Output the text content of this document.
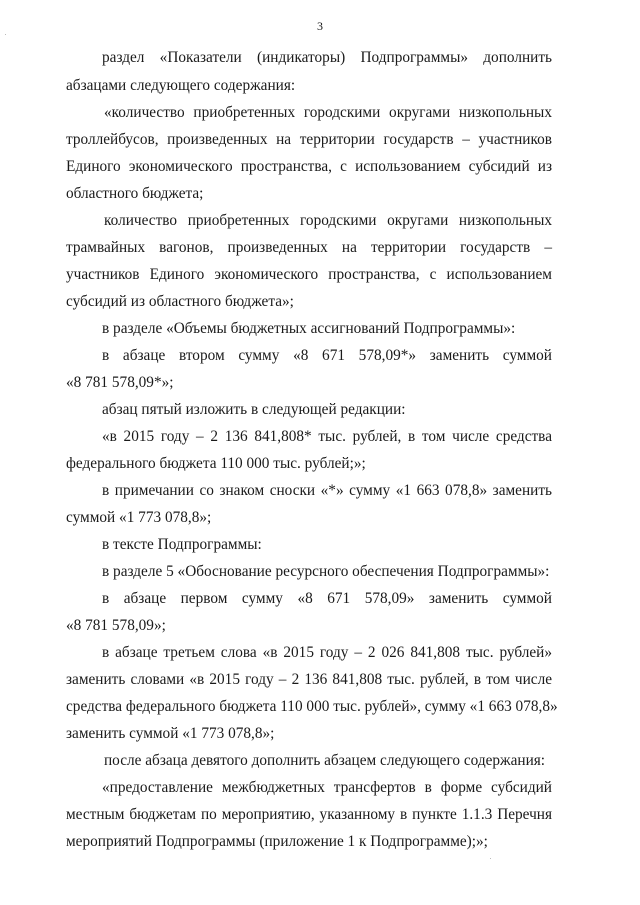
3
раздел «Показатели (индикаторы) Подпрограммы» дополнить
абзацами следующего содержания:
«количество приобретенных городскими округами низкопольных
троллейбусов, произведенных на территории государств – участников
Единого экономического пространства, с использованием субсидий из
областного бюджета;
количество приобретенных городскими округами низкопольных
трамвайных вагонов, произведенных на территории государств –
участников Единого экономического пространства, с использованием
субсидий из областного бюджета»;
в разделе «Объемы бюджетных ассигнований Подпрограммы»:
в абзаце втором сумму «8 671 578,09*» заменить суммой
«8 781 578,09*»;
абзац пятый изложить в следующей редакции:
«в 2015 году – 2 136 841,808* тыс. рублей, в том числе средства
федерального бюджета 110 000 тыс. рублей;»;
в примечании со знаком сноски «*» сумму «1 663 078,8» заменить
суммой «1 773 078,8»;
в тексте Подпрограммы:
в разделе 5 «Обоснование ресурсного обеспечения Подпрограммы»:
в абзаце первом сумму «8 671 578,09» заменить суммой
«8 781 578,09»;
в абзаце третьем слова «в 2015 году – 2 026 841,808 тыс. рублей»
заменить словами «в 2015 году – 2 136 841,808 тыс. рублей, в том числе
средства федерального бюджета 110 000 тыс. рублей», сумму «1 663 078,8»
заменить суммой «1 773 078,8»;
после абзаца девятого дополнить абзацем следующего содержания:
«предоставление межбюджетных трансфертов в форме субсидий
местным бюджетам по мероприятию, указанному в пункте 1.1.3 Перечня
мероприятий Подпрограммы (приложение 1 к Подпрограмме);»;
